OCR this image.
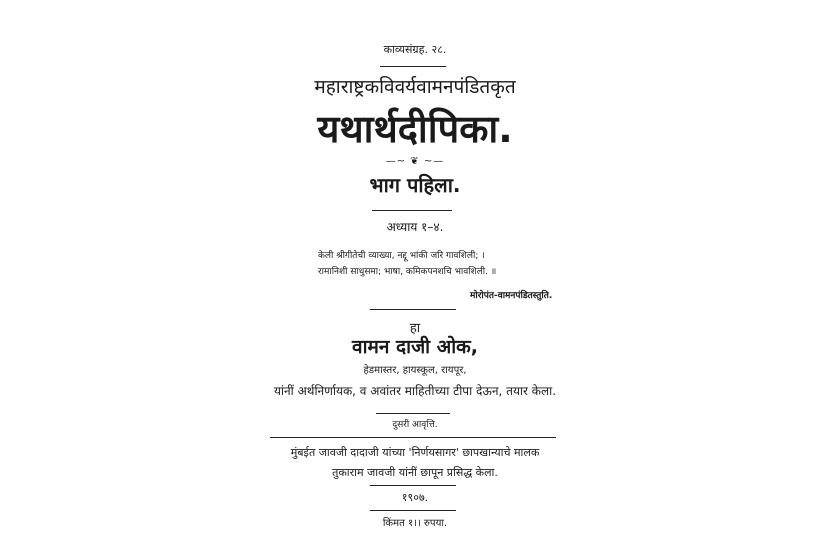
काव्यसंग्रह. २८.
महाराष्ट्रकविवर्यवामनपंडितकृत
यथार्थदीपिका.
—~ ❦ ~—
भाग पहिला.
अध्याय १–४.
केली श्रीगीतेची व्याख्या, नद्दू भांकी जरि गावशिली; ।
रामानिशी साधुसमा; भाषा, कमिकपनशचि भावशिली. ॥
मोरोपंत-वामनपंडितस्तुति.
हा
वामन दाजी ओक,
हेडमास्तर, हायस्कूल, रायपूर,
यांनीं अर्थनिर्णायक, व अवांतर माहितीच्या टीपा देऊन, तयार केला.
दुसरी आवृत्ति.
मुंबईत जावजी दादाजी यांच्या 'निर्णयसागर' छापखान्याचे मालक
तुकाराम जावजी यांनीं छापून प्रसिद्ध केला.
१९०७.
किंमत १।। रुपया.
